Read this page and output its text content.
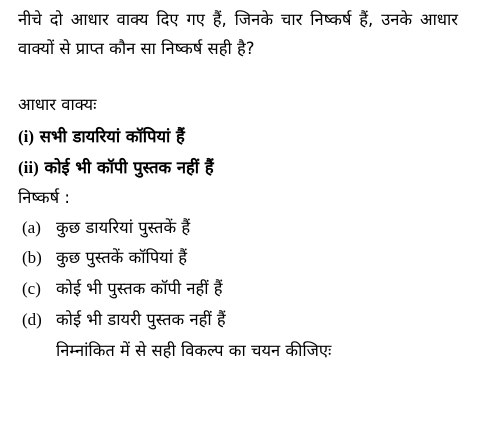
नीचे दो आधार वाक्य दिए गए हैं, जिनके चार निष्कर्ष हैं, उनके आधार वाक्यों से प्राप्त कौन सा निष्कर्ष सही है?
आधार वाक्यः
(i) सभी डायरियां कॉपियां हैं
(ii) कोई भी कॉपी पुस्तक नहीं हैं
निष्कर्ष :
(a) कुछ डायरियां पुस्तकें हैं
(b) कुछ पुस्तकें कॉपियां हैं
(c) कोई भी पुस्तक कॉपी नहीं हैं
(d) कोई भी डायरी पुस्तक नहीं हैं
निम्नांकित में से सही विकल्प का चयन कीजिएः
